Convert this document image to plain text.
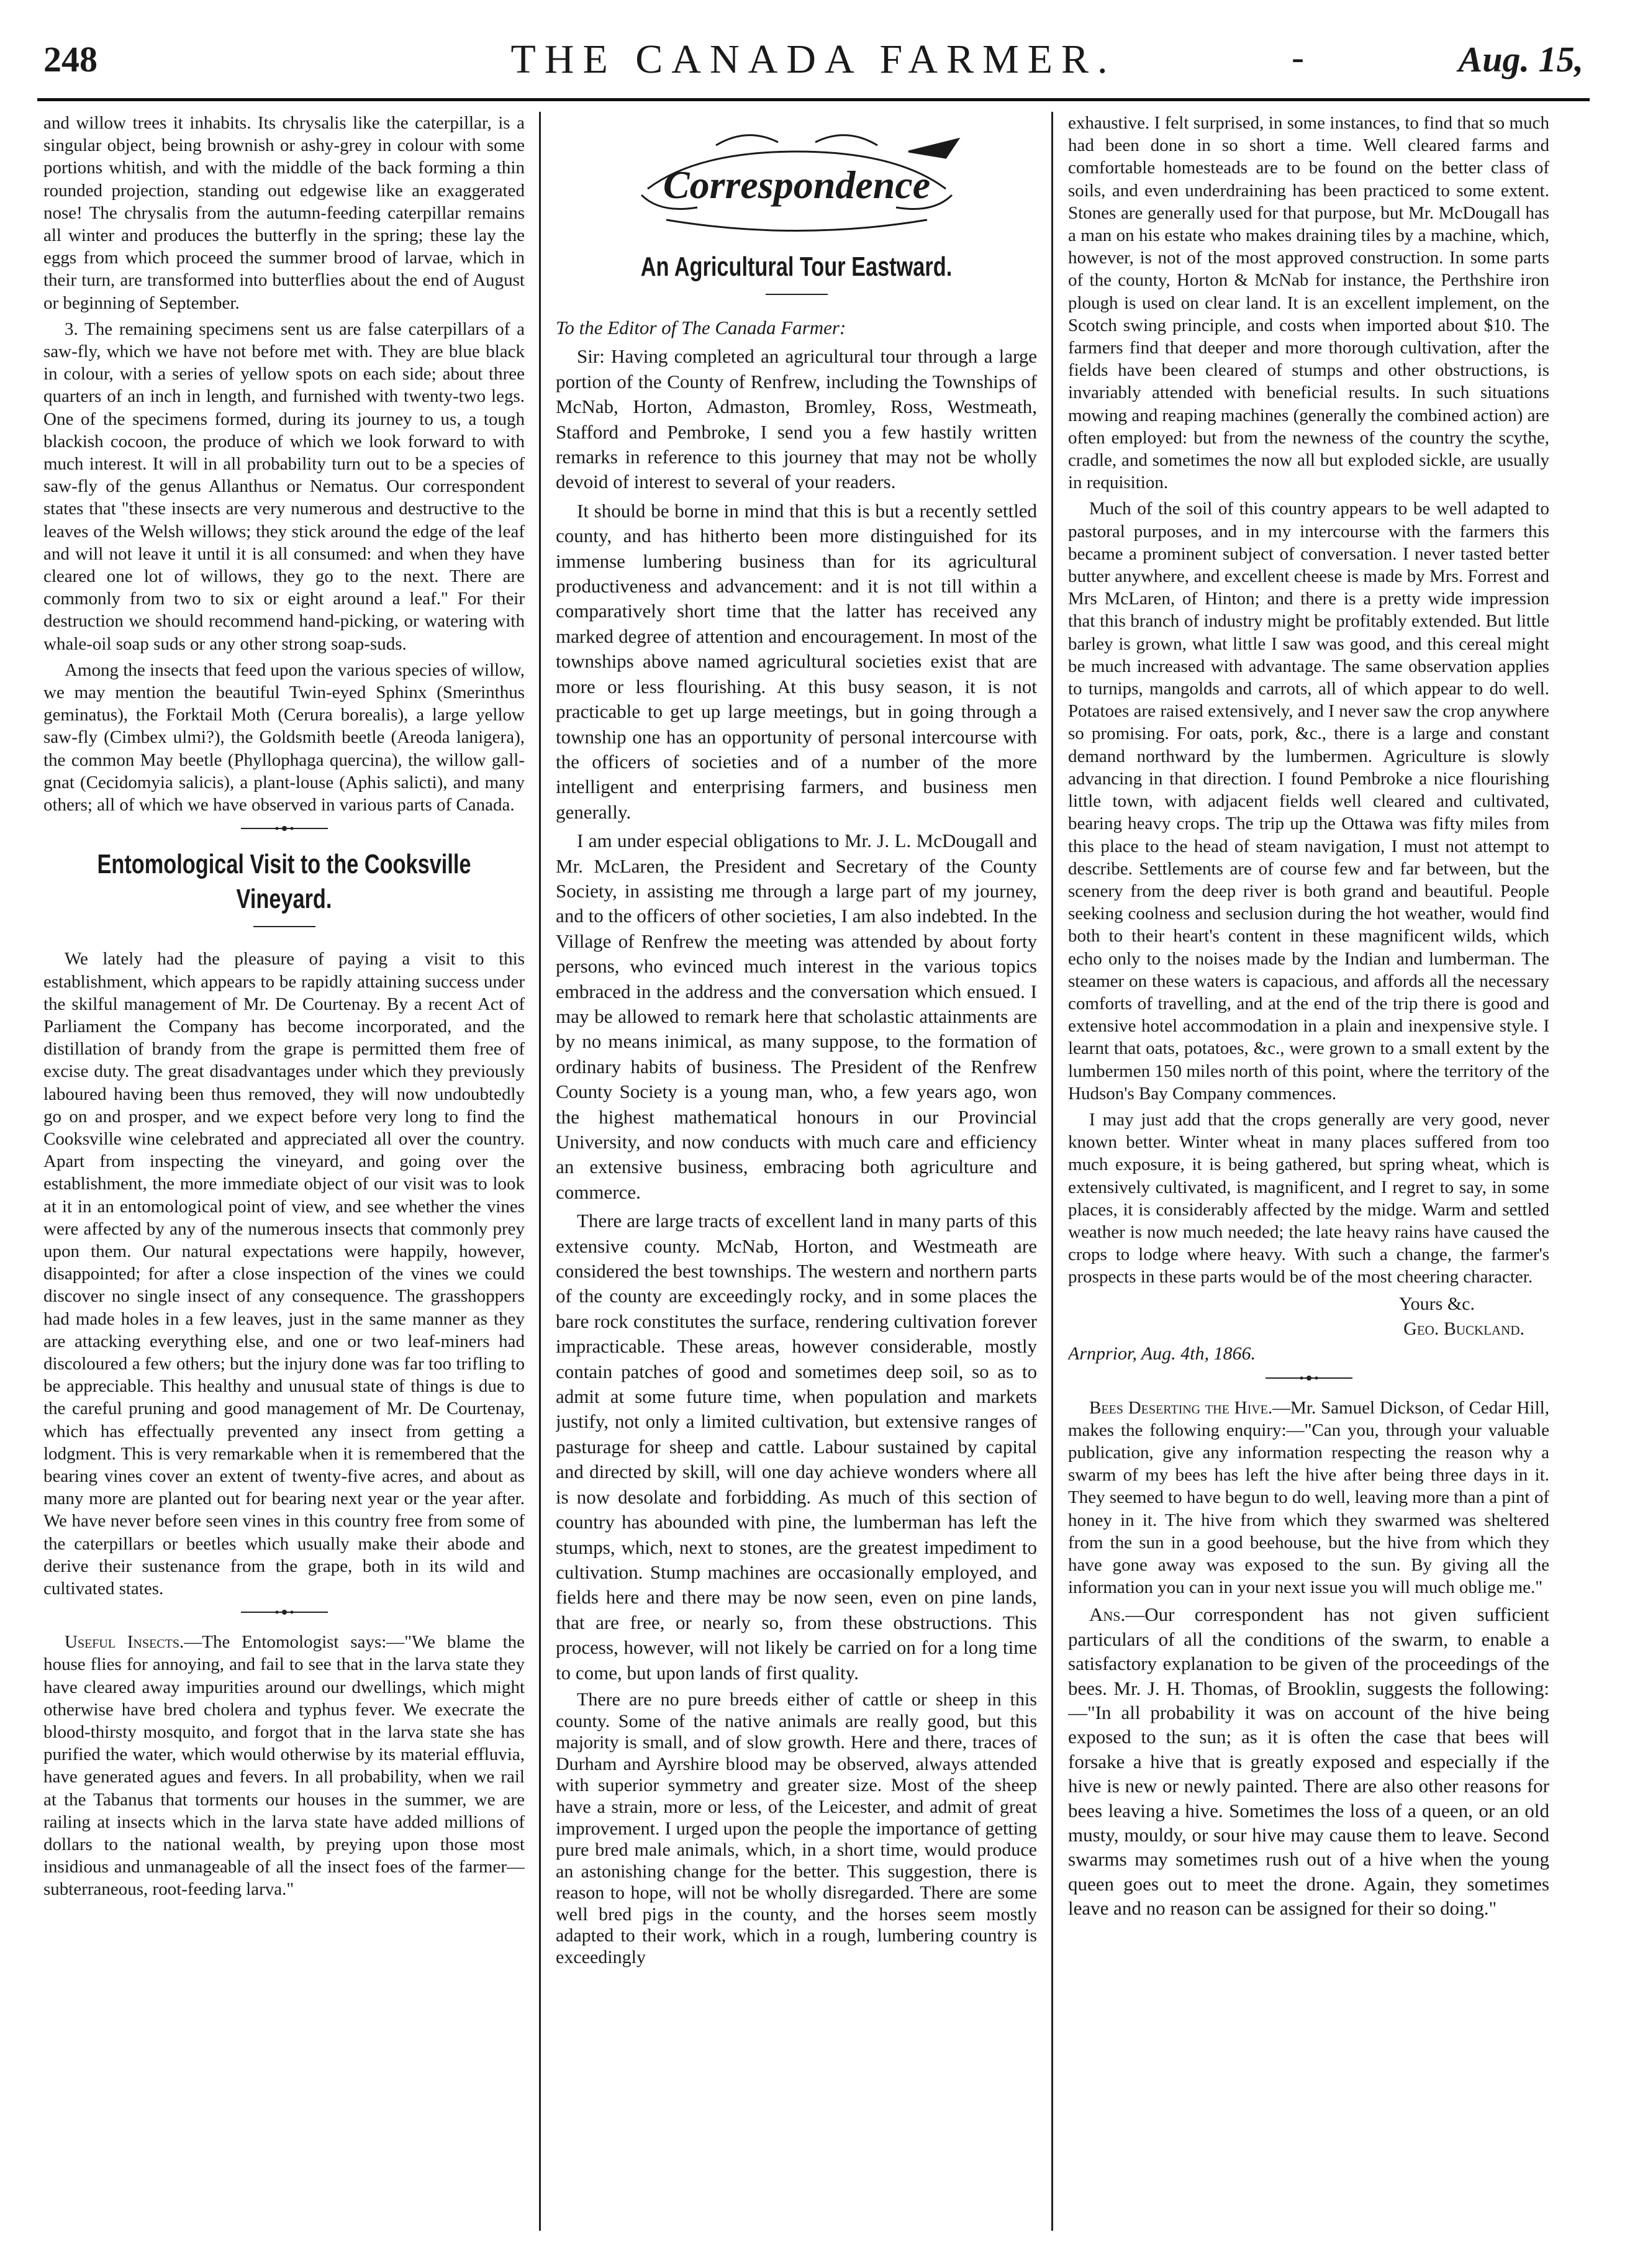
248	THE CANADA FARMER.	-	Aug. 15,

and willow trees it inhabits. Its chrysalis like the caterpillar, is a singular object, being brownish or ashy-grey in colour with some portions whitish, and with the middle of the back forming a thin rounded projection, standing out edgewise like an exaggerated nose! The chrysalis from the autumn-feeding caterpillar remains all winter and produces the butterfly in the spring; these lay the eggs from which proceed the summer brood of larvae, which in their turn, are transformed into butterflies about the end of August or beginning of September.

3. The remaining specimens sent us are false caterpillars of a saw-fly, which we have not before met with. They are blue black in colour, with a series of yellow spots on each side; about three quarters of an inch in length, and furnished with twenty-two legs. One of the specimens formed, during its journey to us, a tough blackish cocoon, the produce of which we look forward to with much interest. It will in all probability turn out to be a species of saw-fly of the genus Allanthus or Nematus. Our correspondent states that "these insects are very numerous and destructive to the leaves of the Welsh willows; they stick around the edge of the leaf and will not leave it until it is all consumed: and when they have cleared one lot of willows, they go to the next. There are commonly from two to six or eight around a leaf." For their destruction we should recommend hand-picking, or watering with whale-oil soap suds or any other strong soap-suds.

Among the insects that feed upon the various species of willow, we may mention the beautiful Twin-eyed Sphinx (Smerinthus geminatus), the Forktail Moth (Cerura borealis), a large yellow saw-fly (Cimbex ulmi?), the Goldsmith beetle (Areoda lanigera), the common May beetle (Phyllophaga quercina), the willow gall-gnat (Cecidomyia salicis), a plant-louse (Aphis salicti), and many others; all of which we have observed in various parts of Canada.

Entomological Visit to the Cooksville Vineyard.

We lately had the pleasure of paying a visit to this establishment, which appears to be rapidly attaining success under the skilful management of Mr. De Courtenay. By a recent Act of Parliament the Company has become incorporated, and the distillation of brandy from the grape is permitted them free of excise duty. The great disadvantages under which they previously laboured having been thus removed, they will now undoubtedly go on and prosper, and we expect before very long to find the Cooksville wine celebrated and appreciated all over the country. Apart from inspecting the vineyard, and going over the establishment, the more immediate object of our visit was to look at it in an entomological point of view, and see whether the vines were affected by any of the numerous insects that commonly prey upon them. Our natural expectations were happily, however, disappointed; for after a close inspection of the vines we could discover no single insect of any consequence. The grasshoppers had made holes in a few leaves, just in the same manner as they are attacking everything else, and one or two leaf-miners had discoloured a few others; but the injury done was far too trifling to be appreciable. This healthy and unusual state of things is due to the careful pruning and good management of Mr. De Courtenay, which has effectually prevented any insect from getting a lodgment. This is very remarkable when it is remembered that the bearing vines cover an extent of twenty-five acres, and about as many more are planted out for bearing next year or the year after. We have never before seen vines in this country free from some of the caterpillars or beetles which usually make their abode and derive their sustenance from the grape, both in its wild and cultivated states.

Useful Insects.—The Entomologist says:—"We blame the house flies for annoying, and fail to see that in the larva state they have cleared away impurities around our dwellings, which might otherwise have bred cholera and typhus fever. We execrate the blood-thirsty mosquito, and forgot that in the larva state she has purified the water, which would otherwise by its material effluvia, have generated agues and fevers. In all probability, when we rail at the Tabanus that torments our houses in the summer, we are railing at insects which in the larva state have added millions of dollars to the national wealth, by preying upon those most insidious and unmanageable of all the insect foes of the farmer—subterraneous, root-feeding larva."

Correspondence
An Agricultural Tour Eastward.

To the Editor of The Canada Farmer:

Sir: Having completed an agricultural tour through a large portion of the County of Renfrew, including the Townships of McNab, Horton, Admaston, Bromley, Ross, Westmeath, Stafford and Pembroke, I send you a few hastily written remarks in reference to this journey that may not be wholly devoid of interest to several of your readers.

It should be borne in mind that this is but a recently settled county, and has hitherto been more distinguished for its immense lumbering business than for its agricultural productiveness and advancement: and it is not till within a comparatively short time that the latter has received any marked degree of attention and encouragement. In most of the townships above named agricultural societies exist that are more or less flourishing. At this busy season, it is not practicable to get up large meetings, but in going through a township one has an opportunity of personal intercourse with the officers of societies and of a number of the more intelligent and enterprising farmers, and business men generally.

I am under especial obligations to Mr. J. L. McDougall and Mr. McLaren, the President and Secretary of the County Society, in assisting me through a large part of my journey, and to the officers of other societies, I am also indebted. In the Village of Renfrew the meeting was attended by about forty persons, who evinced much interest in the various topics embraced in the address and the conversation which ensued. I may be allowed to remark here that scholastic attainments are by no means inimical, as many suppose, to the formation of ordinary habits of business. The President of the Renfrew County Society is a young man, who, a few years ago, won the highest mathematical honours in our Provincial University, and now conducts with much care and efficiency an extensive business, embracing both agriculture and commerce.

There are large tracts of excellent land in many parts of this extensive county. McNab, Horton, and Westmeath are considered the best townships. The western and northern parts of the county are exceedingly rocky, and in some places the bare rock constitutes the surface, rendering cultivation forever impracticable. These areas, however considerable, mostly contain patches of good and sometimes deep soil, so as to admit at some future time, when population and markets justify, not only a limited cultivation, but extensive ranges of pasturage for sheep and cattle. Labour sustained by capital and directed by skill, will one day achieve wonders where all is now desolate and forbidding. As much of this section of country has abounded with pine, the lumberman has left the stumps, which, next to stones, are the greatest impediment to cultivation. Stump machines are occasionally employed, and fields here and there may be now seen, even on pine lands, that are free, or nearly so, from these obstructions. This process, however, will not likely be carried on for a long time to come, but upon lands of first quality.

There are no pure breeds either of cattle or sheep in this county. Some of the native animals are really good, but this majority is small, and of slow growth. Here and there, traces of Durham and Ayrshire blood may be observed, always attended with superior symmetry and greater size. Most of the sheep have a strain, more or less, of the Leicester, and admit of great improvement. I urged upon the people the importance of getting pure bred male animals, which, in a short time, would produce an astonishing change for the better. This suggestion, there is reason to hope, will not be wholly disregarded. There are some well bred pigs in the county, and the horses seem mostly adapted to their work, which in a rough, lumbering country is exceedingly

exhaustive. I felt surprised, in some instances, to find that so much had been done in so short a time. Well cleared farms and comfortable homesteads are to be found on the better class of soils, and even underdraining has been practiced to some extent. Stones are generally used for that purpose, but Mr. McDougall has a man on his estate who makes draining tiles by a machine, which, however, is not of the most approved construction. In some parts of the county, Horton & McNab for instance, the Perthshire iron plough is used on clear land. It is an excellent implement, on the Scotch swing principle, and costs when imported about $10. The farmers find that deeper and more thorough cultivation, after the fields have been cleared of stumps and other obstructions, is invariably attended with beneficial results. In such situations mowing and reaping machines (generally the combined action) are often employed: but from the newness of the country the scythe, cradle, and sometimes the now all but exploded sickle, are usually in requisition.

Much of the soil of this country appears to be well adapted to pastoral purposes, and in my intercourse with the farmers this became a prominent subject of conversation. I never tasted better butter anywhere, and excellent cheese is made by Mrs. Forrest and Mrs McLaren, of Hinton; and there is a pretty wide impression that this branch of industry might be profitably extended. But little barley is grown, what little I saw was good, and this cereal might be much increased with advantage. The same observation applies to turnips, mangolds and carrots, all of which appear to do well. Potatoes are raised extensively, and I never saw the crop anywhere so promising. For oats, pork, &c., there is a large and constant demand northward by the lumbermen. Agriculture is slowly advancing in that direction. I found Pembroke a nice flourishing little town, with adjacent fields well cleared and cultivated, bearing heavy crops. The trip up the Ottawa was fifty miles from this place to the head of steam navigation, I must not attempt to describe. Settlements are of course few and far between, but the scenery from the deep river is both grand and beautiful. People seeking coolness and seclusion during the hot weather, would find both to their heart's content in these magnificent wilds, which echo only to the noises made by the Indian and lumberman. The steamer on these waters is capacious, and affords all the necessary comforts of travelling, and at the end of the trip there is good and extensive hotel accommodation in a plain and inexpensive style. I learnt that oats, potatoes, &c., were grown to a small extent by the lumbermen 150 miles north of this point, where the territory of the Hudson's Bay Company commences.

I may just add that the crops generally are very good, never known better. Winter wheat in many places suffered from too much exposure, it is being gathered, but spring wheat, which is extensively cultivated, is magnificent, and I regret to say, in some places, it is considerably affected by the midge. Warm and settled weather is now much needed; the late heavy rains have caused the crops to lodge where heavy. With such a change, the farmer's prospects in these parts would be of the most cheering character.

Yours &c.
Geo. Buckland.
Arnprior, Aug. 4th, 1866.

Bees Deserting the Hive.—Mr. Samuel Dickson, of Cedar Hill, makes the following enquiry:—"Can you, through your valuable publication, give any information respecting the reason why a swarm of my bees has left the hive after being three days in it. They seemed to have begun to do well, leaving more than a pint of honey in it. The hive from which they swarmed was sheltered from the sun in a good beehouse, but the hive from which they have gone away was exposed to the sun. By giving all the information you can in your next issue you will much oblige me."

Ans.—Our correspondent has not given sufficient particulars of all the conditions of the swarm, to enable a satisfactory explanation to be given of the proceedings of the bees. Mr. J. H. Thomas, of Brooklin, suggests the following:—"In all probability it was on account of the hive being exposed to the sun; as it is often the case that bees will forsake a hive that is greatly exposed and especially if the hive is new or newly painted. There are also other reasons for bees leaving a hive. Sometimes the loss of a queen, or an old musty, mouldy, or sour hive may cause them to leave. Second swarms may sometimes rush out of a hive when the young queen goes out to meet the drone. Again, they sometimes leave and no reason can be assigned for their so doing."
